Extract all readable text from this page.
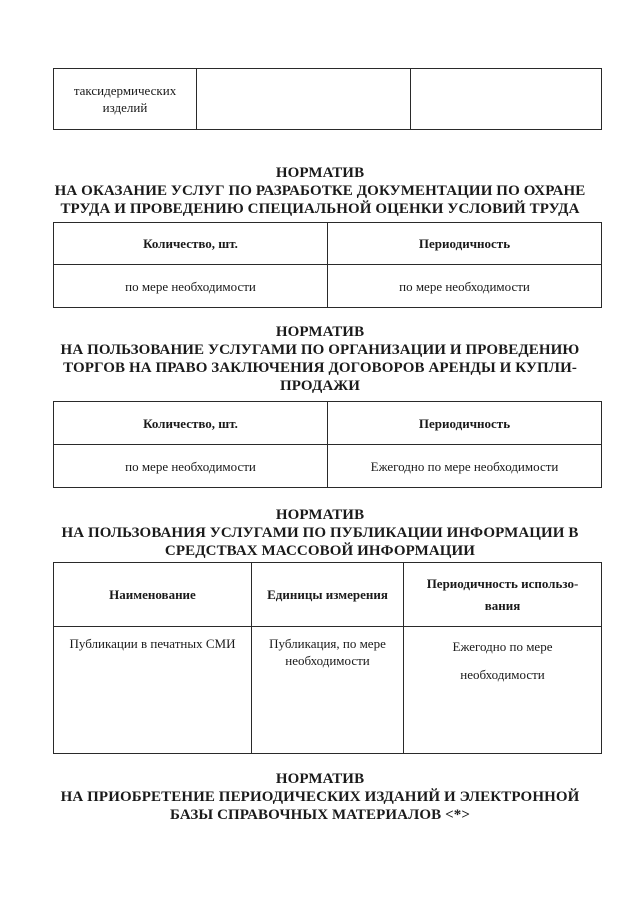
таксидермических изделий		
НОРМАТИВ
НА ОКАЗАНИЕ УСЛУГ ПО РАЗРАБОТКЕ ДОКУМЕНТАЦИИ ПО ОХРАНЕ
ТРУДА И ПРОВЕДЕНИЮ СПЕЦИАЛЬНОЙ ОЦЕНКИ УСЛОВИЙ ТРУДА
Количество, шт.	Периодичность
по мере необходимости	по мере необходимости
НОРМАТИВ
НА ПОЛЬЗОВАНИЕ УСЛУГАМИ ПО ОРГАНИЗАЦИИ И ПРОВЕДЕНИЮ
ТОРГОВ НА ПРАВО ЗАКЛЮЧЕНИЯ ДОГОВОРОВ АРЕНДЫ И КУПЛИ-
ПРОДАЖИ
Количество, шт.	Периодичность
по мере необходимости	Ежегодно по мере необходимости
НОРМАТИВ
НА ПОЛЬЗОВАНИЯ УСЛУГАМИ ПО ПУБЛИКАЦИИ ИНФОРМАЦИИ В
СРЕДСТВАХ МАССОВОЙ ИНФОРМАЦИИ
Наименование	Единицы измерения	Периодичность использо-
вания

Публикации в печатных СМИ	Публикация, по мере необходимости	Ежегодно по мере
необходимости
НОРМАТИВ
НА ПРИОБРЕТЕНИЕ ПЕРИОДИЧЕСКИХ ИЗДАНИЙ И ЭЛЕКТРОННОЙ
БАЗЫ СПРАВОЧНЫХ МАТЕРИАЛОВ <*>
